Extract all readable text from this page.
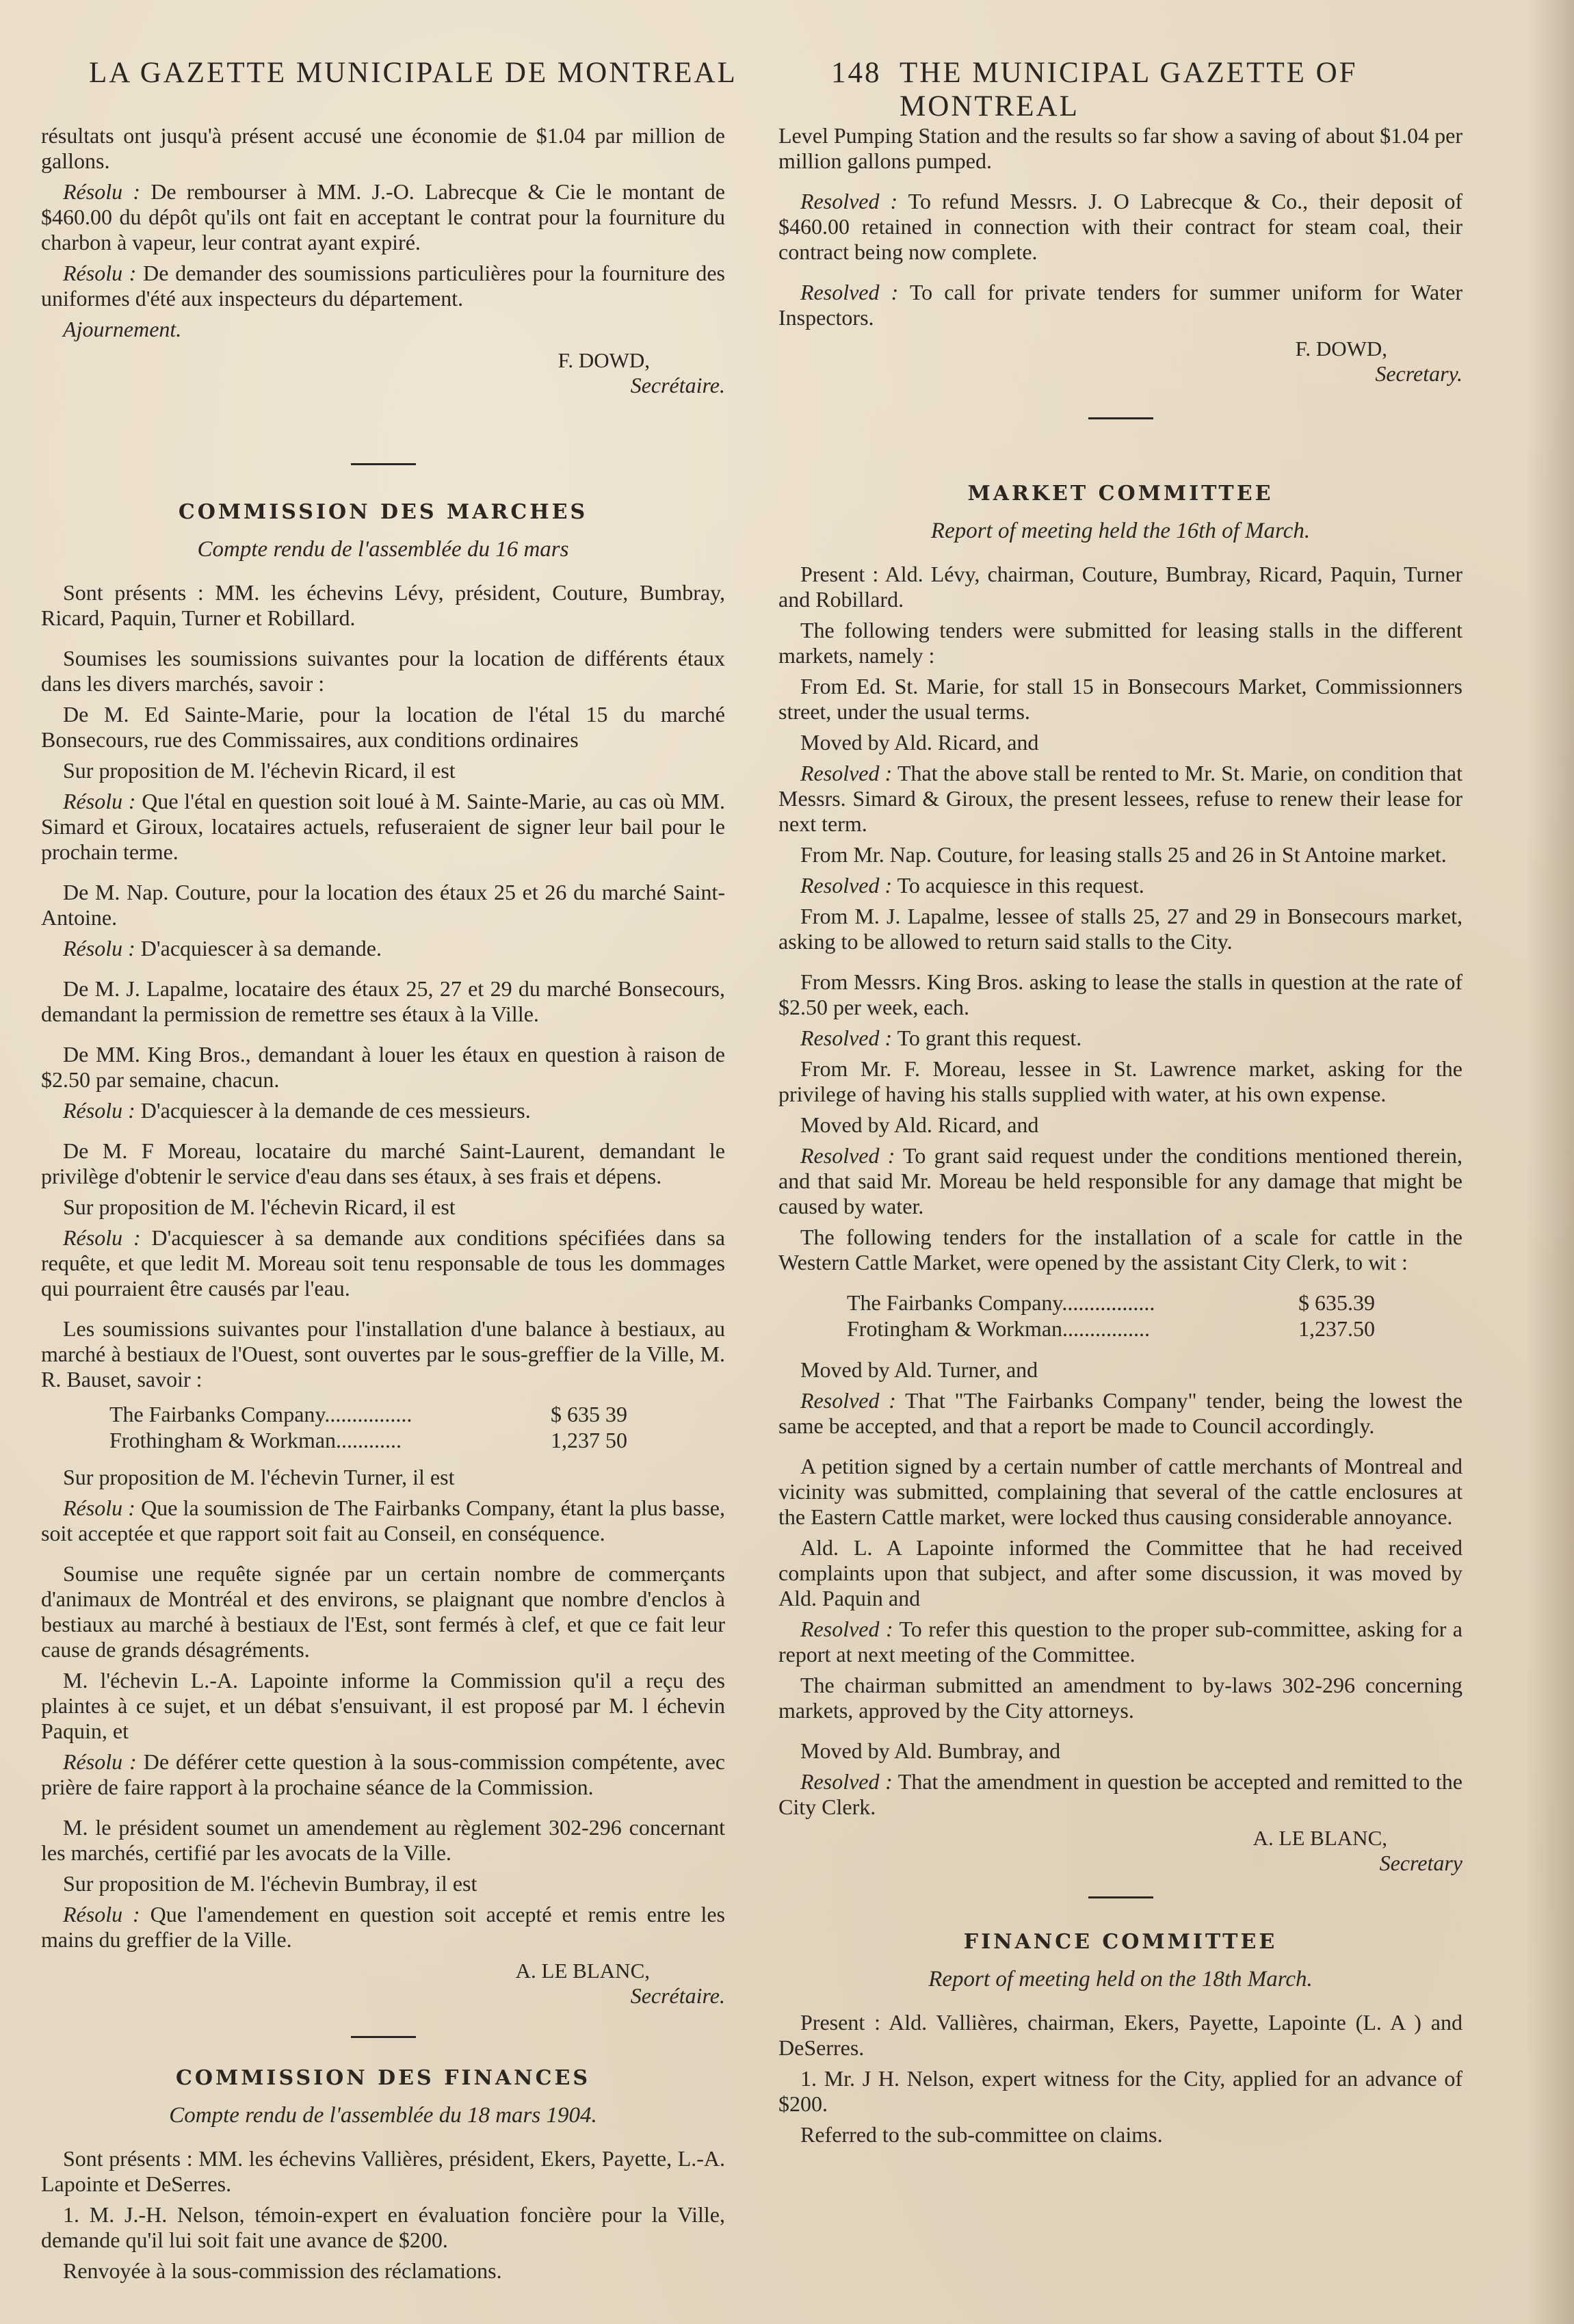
LA GAZETTE MUNICIPALE DE MONTREAL	148 THE MUNICIPAL GAZETTE OF MONTREAL

résultats ont jusqu'à présent accusé une économie de $1.04 par million de gallons.

Résolu : De rembourser à MM. J.-O. Labrecque & Cie le montant de $460.00 du dépôt qu'ils ont fait en acceptant le contrat pour la fourniture du charbon à vapeur, leur contrat ayant expiré.

Résolu : De demander des soumissions particulières pour la fourniture des uniformes d'été aux inspecteurs du département.

Ajournement.

F. DOWD,
Secrétaire.
COMMISSION DES MARCHES
Compte rendu de l'assemblée du 16 mars

Sont présents : MM. les échevins Lévy, président, Couture, Bumbray, Ricard, Paquin, Turner et Robillard.

Soumises les soumissions suivantes pour la location de différents étaux dans les divers marchés, savoir :

De M. Ed Sainte-Marie, pour la location de l'étal 15 du marché Bonsecours, rue des Commissaires, aux conditions ordinaires

Sur proposition de M. l'échevin Ricard, il est

Résolu : Que l'étal en question soit loué à M. Sainte-Marie, au cas où MM. Simard et Giroux, locataires actuels, refuseraient de signer leur bail pour le prochain terme.

De M. Nap. Couture, pour la location des étaux 25 et 26 du marché Saint-Antoine.

Résolu : D'acquiescer à sa demande.

De M. J. Lapalme, locataire des étaux 25, 27 et 29 du marché Bonsecours, demandant la permission de remettre ses étaux à la Ville.

De MM. King Bros., demandant à louer les étaux en question à raison de $2.50 par semaine, chacun.

Résolu : D'acquiescer à la demande de ces messieurs.

De M. F Moreau, locataire du marché Saint-Laurent, demandant le privilège d'obtenir le service d'eau dans ses étaux, à ses frais et dépens.

Sur proposition de M. l'échevin Ricard, il est

Résolu : D'acquiescer à sa demande aux conditions spécifiées dans sa requête, et que ledit M. Moreau soit tenu responsable de tous les dommages qui pourraient être causés par l'eau.

Les soumissions suivantes pour l'installation d'une balance à bestiaux, au marché à bestiaux de l'Ouest, sont ouvertes par le sous-greffier de la Ville, M. R. Bauset, savoir :

The Fairbanks Company................	$ 635 39
Frothingham & Workman............	1,237 50

Sur proposition de M. l'échevin Turner, il est

Résolu : Que la soumission de The Fairbanks Company, étant la plus basse, soit acceptée et que rapport soit fait au Conseil, en conséquence.

Soumise une requête signée par un certain nombre de commerçants d'animaux de Montréal et des environs, se plaignant que nombre d'enclos à bestiaux au marché à bestiaux de l'Est, sont fermés à clef, et que ce fait leur cause de grands désagréments.

M. l'échevin L.-A. Lapointe informe la Commission qu'il a reçu des plaintes à ce sujet, et un débat s'ensuivant, il est proposé par M. l échevin Paquin, et

Résolu : De déférer cette question à la sous-commission compétente, avec prière de faire rapport à la prochaine séance de la Commission.

M. le président soumet un amendement au règlement 302-296 concernant les marchés, certifié par les avocats de la Ville.

Sur proposition de M. l'échevin Bumbray, il est

Résolu : Que l'amendement en question soit accepté et remis entre les mains du greffier de la Ville.

A. LE BLANC,
Secrétaire.
COMMISSION DES FINANCES
Compte rendu de l'assemblée du 18 mars 1904.

Sont présents : MM. les échevins Vallières, président, Ekers, Payette, L.-A. Lapointe et DeSerres.

1. M. J.-H. Nelson, témoin-expert en évaluation foncière pour la Ville, demande qu'il lui soit fait une avance de $200.

Renvoyée à la sous-commission des réclamations.

Level Pumping Station and the results so far show a saving of about $1.04 per million gallons pumped.

Resolved : To refund Messrs. J. O Labrecque & Co., their deposit of $460.00 retained in connection with their contract for steam coal, their contract being now complete.

Resolved : To call for private tenders for summer uniform for Water Inspectors.

F. DOWD,
Secretary.
MARKET COMMITTEE
Report of meeting held the 16th of March.

Present : Ald. Lévy, chairman, Couture, Bumbray, Ricard, Paquin, Turner and Robillard.

The following tenders were submitted for leasing stalls in the different markets, namely :

From Ed. St. Marie, for stall 15 in Bonsecours Market, Commissionners street, under the usual terms.

Moved by Ald. Ricard, and

Resolved : That the above stall be rented to Mr. St. Marie, on condition that Messrs. Simard & Giroux, the present lessees, refuse to renew their lease for next term.

From Mr. Nap. Couture, for leasing stalls 25 and 26 in St Antoine market.

Resolved : To acquiesce in this request.

From M. J. Lapalme, lessee of stalls 25, 27 and 29 in Bonsecours market, asking to be allowed to return said stalls to the City.

From Messrs. King Bros. asking to lease the stalls in question at the rate of $2.50 per week, each.

Resolved : To grant this request.

From Mr. F. Moreau, lessee in St. Lawrence market, asking for the privilege of having his stalls supplied with water, at his own expense.

Moved by Ald. Ricard, and

Resolved : To grant said request under the conditions mentioned therein, and that said Mr. Moreau be held responsible for any damage that might be caused by water.

The following tenders for the installation of a scale for cattle in the Western Cattle Market, were opened by the assistant City Clerk, to wit :

The Fairbanks Company.................	$ 635.39
Frotingham & Workman................	1,237.50

Moved by Ald. Turner, and

Resolved : That "The Fairbanks Company" tender, being the lowest the same be accepted, and that a report be made to Council accordingly.

A petition signed by a certain number of cattle merchants of Montreal and vicinity was submitted, complaining that several of the cattle enclosures at the Eastern Cattle market, were locked thus causing considerable annoyance.

Ald. L. A Lapointe informed the Committee that he had received complaints upon that subject, and after some discussion, it was moved by Ald. Paquin and

Resolved : To refer this question to the proper sub-committee, asking for a report at next meeting of the Committee.

The chairman submitted an amendment to by-laws 302-296 concerning markets, approved by the City attorneys.

Moved by Ald. Bumbray, and

Resolved : That the amendment in question be accepted and remitted to the City Clerk.

A. LE BLANC,
Secretary
FINANCE COMMITTEE
Report of meeting held on the 18th March.

Present : Ald. Vallières, chairman, Ekers, Payette, Lapointe (L. A ) and DeSerres.

1. Mr. J H. Nelson, expert witness for the City, applied for an advance of $200.

Referred to the sub-committee on claims.
